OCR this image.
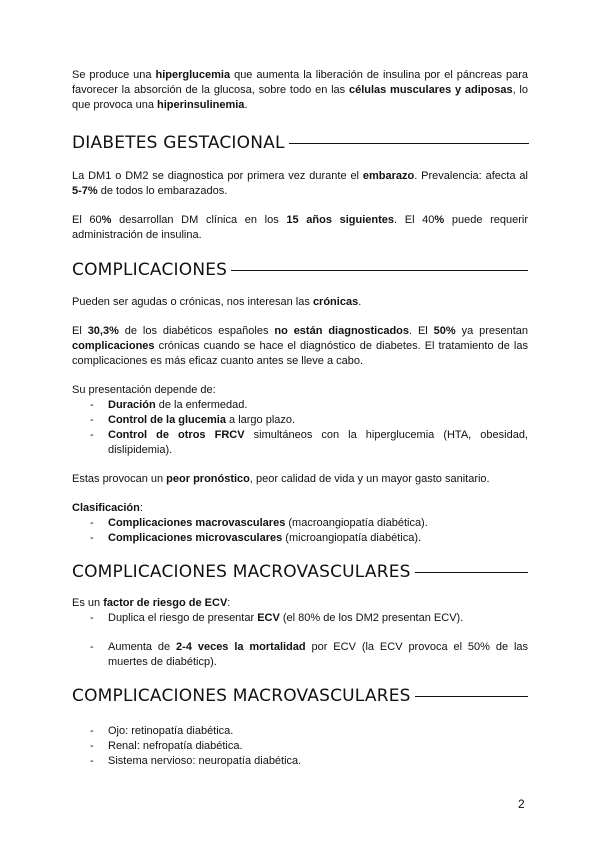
Se produce una hiperglucemia que aumenta la liberación de insulina por el páncreas para favorecer la absorción de la glucosa, sobre todo en las células musculares y adiposas, lo que provoca una hiperinsulinemia.

DIABETES GESTACIONAL

La DM1 o DM2 se diagnostica por primera vez durante el embarazo. Prevalencia: afecta al 5-7% de todos lo embarazados.

El 60% desarrollan DM clínica en los 15 años siguientes. El 40% puede requerir administración de insulina.

COMPLICACIONES

Pueden ser agudas o crónicas, nos interesan las crónicas.

El 30,3% de los diabéticos españoles no están diagnosticados. El 50% ya presentan complicaciones crónicas cuando se hace el diagnóstico de diabetes. El tratamiento de las complicaciones es más eficaz cuanto antes se lleve a cabo.

Su presentación depende de:

- Duración de la enfermedad.
- Control de la glucemia a largo plazo.
- Control de otros FRCV simultáneos con la hiperglucemia (HTA, obesidad, dislipidemia).

Estas provocan un peor pronóstico, peor calidad de vida y un mayor gasto sanitario.

Clasificación:

- Complicaciones macrovasculares (macroangiopatía diabética).
- Complicaciones microvasculares (microangiopatía diabética).
COMPLICACIONES MACROVASCULARES

Es un factor de riesgo de ECV:

- Duplica el riesgo de presentar ECV (el 80% de los DM2 presentan ECV).
- Aumenta de 2-4 veces la mortalidad por ECV (la ECV provoca el 50% de las muertes de diabéticp).
COMPLICACIONES MACROVASCULARES
- Ojo: retinopatía diabética.
- Renal: nefropatía diabética.
- Sistema nervioso: neuropatía diabética.
2
